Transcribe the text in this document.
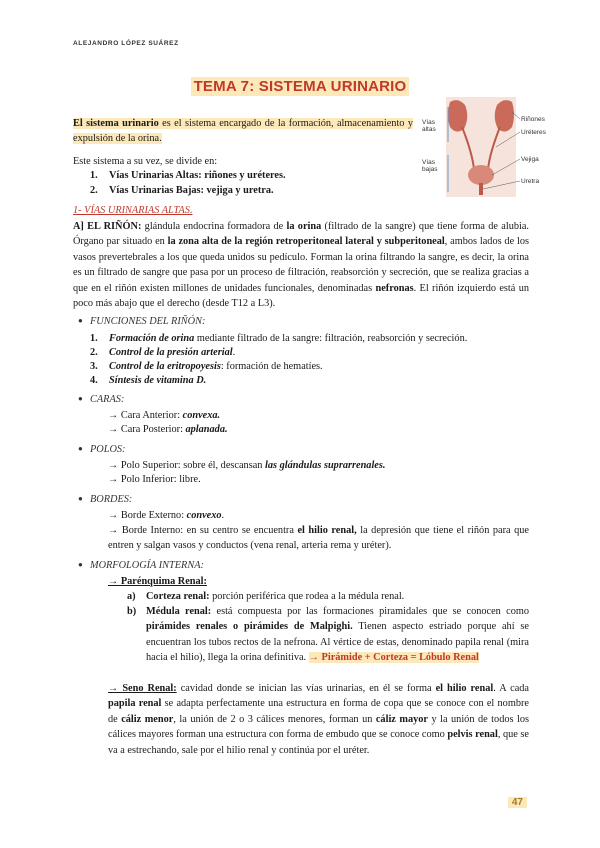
ALEJANDRO LÓPEZ SUÁREZ
TEMA 7: SISTEMA URINARIO
El sistema urinario es el sistema encargado de la formación, almacenamiento y expulsión de la orina.
Este sistema a su vez, se divide en:
1. Vías Urinarias Altas: riñones y uréteres.
2. Vías Urinarias Bajas: vejiga y uretra.
Vías altas
Vías bajas
Riñones
Uréteres
Vejiga
Uretra
1- VÍAS URINARIAS ALTAS.
A] EL RIÑÓN: glándula endocrina formadora de la orina (filtrado de la sangre) que tiene forma de alubia. Órgano par situado en la zona alta de la región retroperitoneal lateral y subperitoneal, ambos lados de los vasos prevertebrales a los que queda unidos su pedículo. Forman la orina filtrando la sangre, es decir, la orina es un filtrado de sangre que pasa por un proceso de filtración, reabsorción y secreción, que se realiza gracias a que en el riñón existen millones de unidades funcionales, denominadas nefronas. El riñón izquierdo está un poco más abajo que el derecho (desde T12 a L3).
● FUNCIONES DEL RIÑÓN:
1. Formación de orina mediante filtrado de la sangre: filtración, reabsorción y secreción.
2. Control de la presión arterial.
3. Control de la eritropoyesis: formación de hematíes.
4. Síntesis de vitamina D.
● CARAS:
→ Cara Anterior: convexa.
→ Cara Posterior: aplanada.
● POLOS:
→ Polo Superior: sobre él, descansan las glándulas suprarrenales.
→ Polo Inferior: libre.
● BORDES:
→ Borde Externo: convexo.
→ Borde Interno: en su centro se encuentra el hilio renal, la depresión que tiene el riñón para que entren y salgan vasos y conductos (vena renal, arteria rema y uréter).
● MORFOLOGÍA INTERNA:
→ Parénquima Renal:
a) Corteza renal: porción periférica que rodea a la médula renal.
b) Médula renal: está compuesta por las formaciones piramidales que se conocen como pirámides renales o pirámides de Malpighi. Tienen aspecto estriado porque ahí se encuentran los tubos rectos de la nefrona. Al vértice de estas, denominado papila renal (mira hacia el hilio), llega la orina definitiva. → Pirámide + Corteza = Lóbulo Renal
→ Seno Renal: cavidad donde se inician las vías urinarias, en él se forma el hilio renal. A cada papila renal se adapta perfectamente una estructura en forma de copa que se conoce con el nombre de cáliz menor, la unión de 2 o 3 cálices menores, forman un cáliz mayor y la unión de todos los cálices mayores forman una estructura con forma de embudo que se conoce como pelvis renal, que se va a estrechando, sale por el hilio renal y continúa por el uréter.
47
